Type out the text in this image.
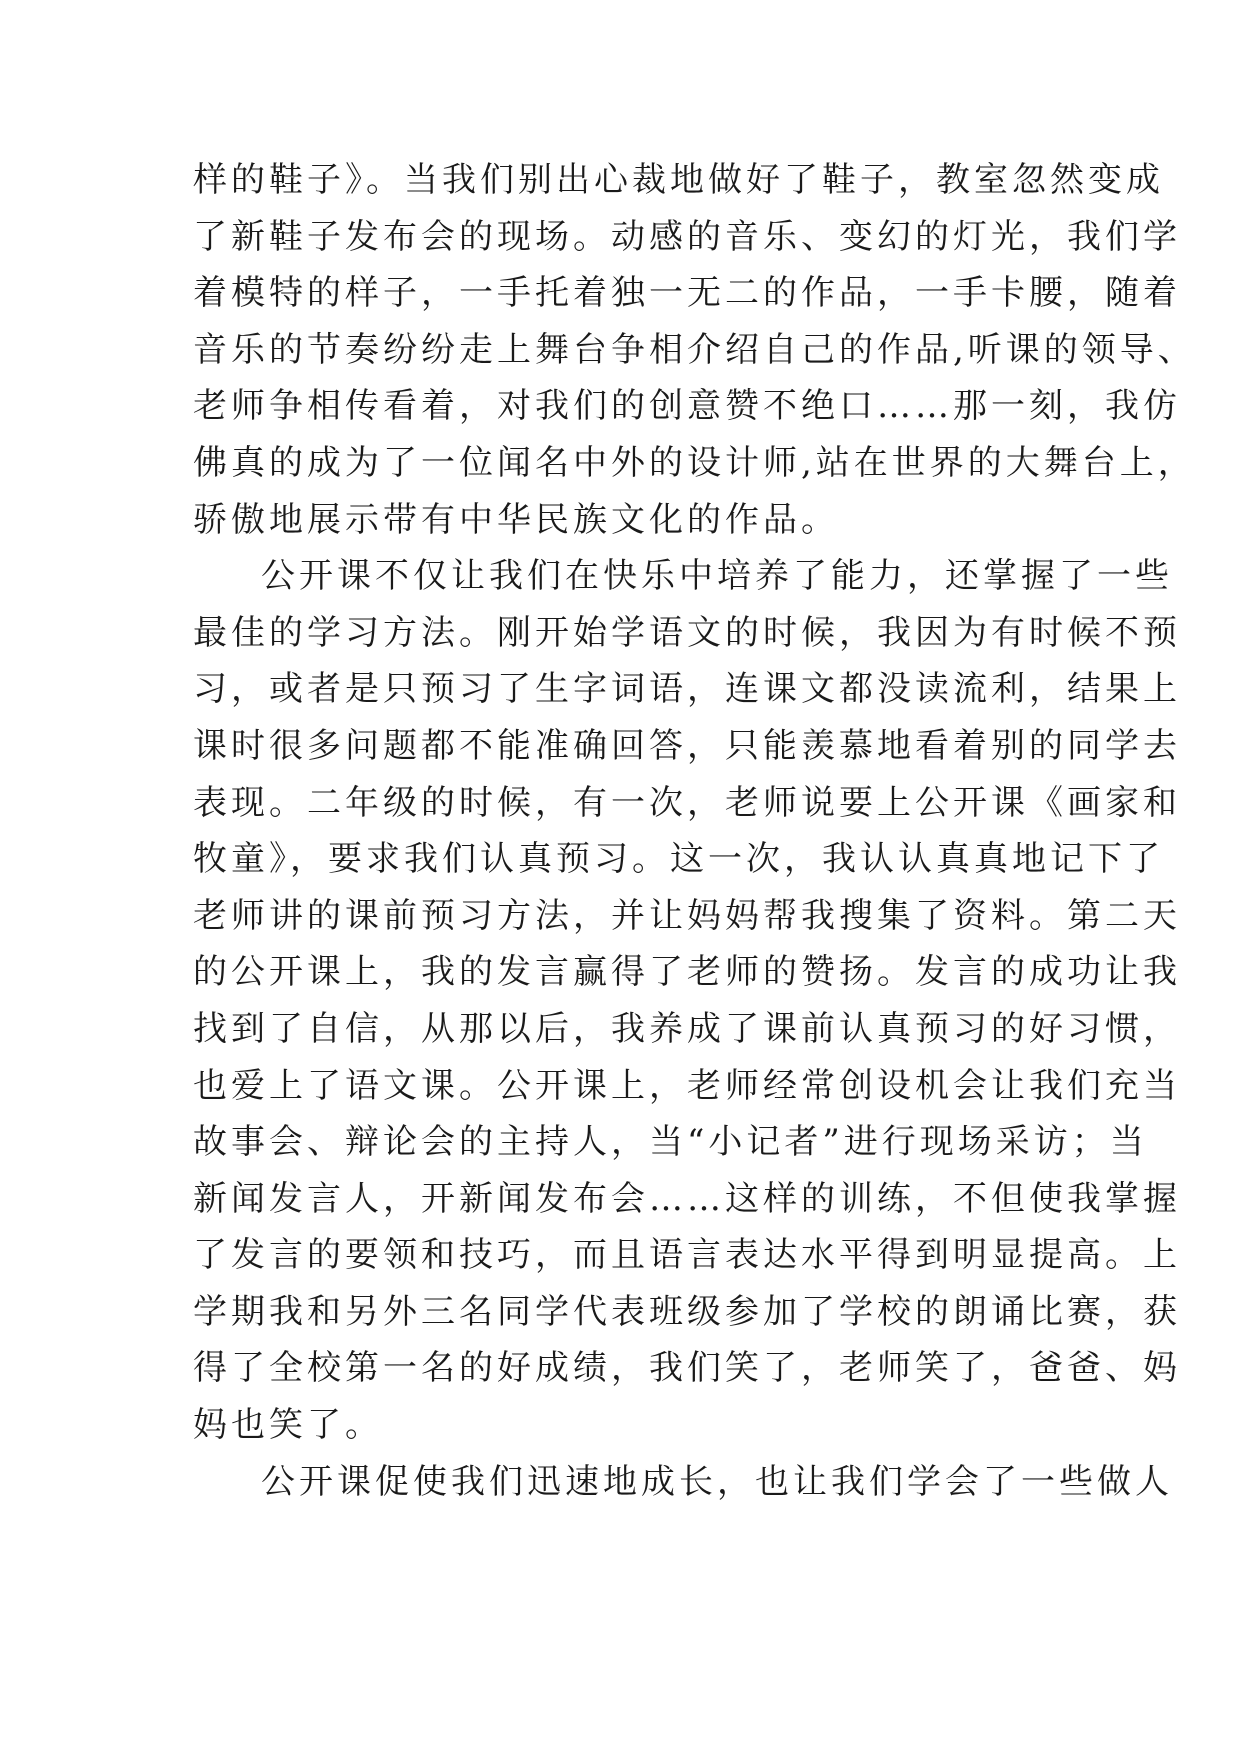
样的鞋子》。当我们别出心裁地做好了鞋子，教室忽然变成
了新鞋子发布会的现场。动感的音乐、变幻的灯光，我们学
着模特的样子，一手托着独一无二的作品，一手卡腰，随着
音乐的节奏纷纷走上舞台争相介绍自己的作品,听课的领导、
老师争相传看着，对我们的创意赞不绝口……那一刻，我仿
佛真的成为了一位闻名中外的设计师,站在世界的大舞台上，
骄傲地展示带有中华民族文化的作品。
公开课不仅让我们在快乐中培养了能力，还掌握了一些
最佳的学习方法。刚开始学语文的时候，我因为有时候不预
习，或者是只预习了生字词语，连课文都没读流利，结果上
课时很多问题都不能准确回答，只能羡慕地看着别的同学去
表现。二年级的时候，有一次，老师说要上公开课《画家和
牧童》，要求我们认真预习。这一次，我认认真真地记下了
老师讲的课前预习方法，并让妈妈帮我搜集了资料。第二天
的公开课上，我的发言赢得了老师的赞扬。发言的成功让我
找到了自信，从那以后，我养成了课前认真预习的好习惯，
也爱上了语文课。公开课上，老师经常创设机会让我们充当
故事会、辩论会的主持人，当“小记者”进行现场采访；当
新闻发言人，开新闻发布会……这样的训练，不但使我掌握
了发言的要领和技巧，而且语言表达水平得到明显提高。上
学期我和另外三名同学代表班级参加了学校的朗诵比赛，获
得了全校第一名的好成绩，我们笑了，老师笑了，爸爸、妈
妈也笑了。
公开课促使我们迅速地成长，也让我们学会了一些做人
